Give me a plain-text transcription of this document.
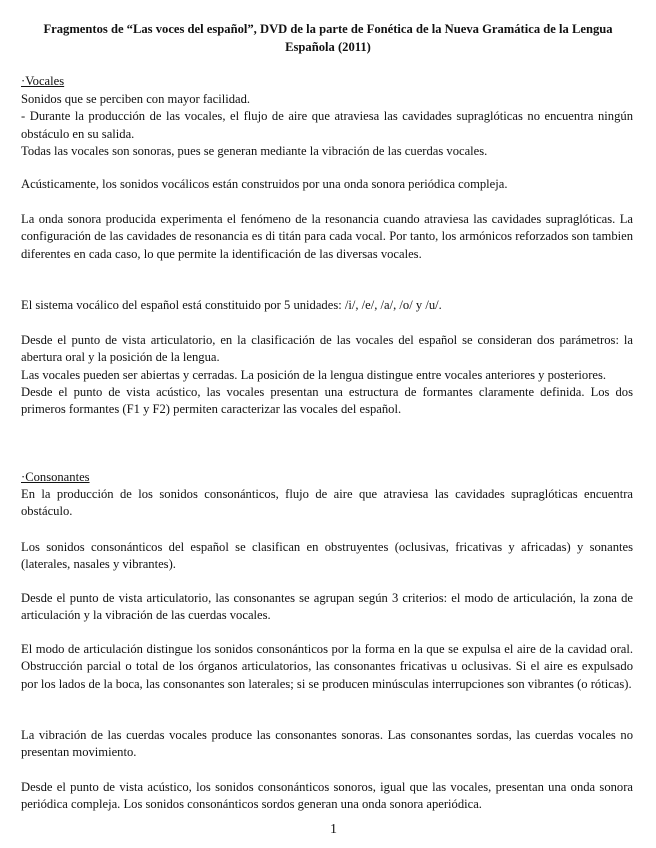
Fragmentos de “Las voces del español”, DVD de la parte de Fonética de la Nueva Gramática de la Lengua Española (2011)
·Vocales

Sonidos que se perciben con mayor facilidad.

- Durante la producción de las vocales, el flujo de aire que atraviesa las cavidades supraglóticas no encuentra ningún obstáculo en su salida.

Todas las vocales son sonoras, pues se generan mediante la vibración de las cuerdas vocales.

Acústicamente, los sonidos vocálicos están construidos por una onda sonora periódica compleja.
La onda sonora producida experimenta el fenómeno de la resonancia cuando atraviesa las cavidades supraglóticas. La configuración de las cavidades de resonancia es di titán para cada vocal. Por tanto, los armónicos reforzados son tambien diferentes en cada caso, lo que permite la identificación de las diversas vocales.
El sistema vocálico del español está constituido por 5 unidades: /i/, /e/, /a/, /o/ y /u/.

Desde el punto de vista articulatorio, en la clasificación de las vocales del español se consideran dos parámetros: la abertura oral y la posición de la lengua.

Las vocales pueden ser abiertas y cerradas. La posición de la lengua distingue entre vocales anteriores y posteriores.

Desde el punto de vista acústico, las vocales presentan una estructura de formantes claramente definida. Los dos primeros formantes (F1 y F2) permiten caracterizar las vocales del español.

·Consonantes
En la producción de los sonidos consonánticos, flujo de aire que atraviesa las cavidades supraglóticas encuentra obstáculo.
Los sonidos consonánticos del español se clasifican en obstruyentes (oclusivas, fricativas y africadas) y sonantes (laterales, nasales y vibrantes).
Desde el punto de vista articulatorio, las consonantes se agrupan según 3 criterios: el modo de articulación, la zona de articulación y la vibración de las cuerdas vocales.
El modo de articulación distingue los sonidos consonánticos por la forma en la que se expulsa el aire de la cavidad oral. Obstrucción parcial o total de los órganos articulatorios, las consonantes fricativas u oclusivas. Si el aire es expulsado por los lados de la boca, las consonantes son laterales; si se producen minúsculas interrupciones son vibrantes (o róticas).
La vibración de las cuerdas vocales produce las consonantes sonoras. Las consonantes sordas, las cuerdas vocales no presentan movimiento.
Desde el punto de vista acústico, los sonidos consonánticos sonoros, igual que las vocales, presentan una onda sonora periódica compleja. Los sonidos consonánticos sordos generan una onda sonora aperiódica.
1
